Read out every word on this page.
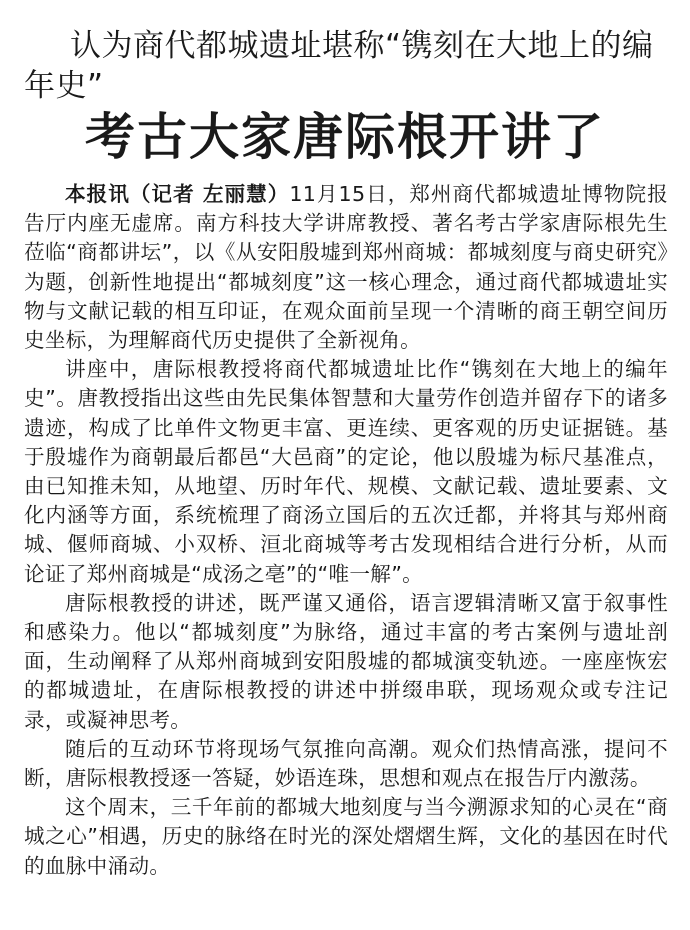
认为商代都城遗址堪称“镌刻在大地上的编年史”
考古大家唐际根开讲了

本报讯（记者 左丽慧）11月15日，郑州商代都城遗址博物院报告厅内座无虚席。南方科技大学讲席教授、著名考古学家唐际根先生莅临“商都讲坛”，以《从安阳殷墟到郑州商城：都城刻度与商史研究》为题，创新性地提出“都城刻度”这一核心理念，通过商代都城遗址实物与文献记载的相互印证，在观众面前呈现一个清晰的商王朝空间历史坐标，为理解商代历史提供了全新视角。

讲座中，唐际根教授将商代都城遗址比作“镌刻在大地上的编年史”。唐教授指出这些由先民集体智慧和大量劳作创造并留存下的诸多遗迹，构成了比单件文物更丰富、更连续、更客观的历史证据链。基于殷墟作为商朝最后都邑“大邑商”的定论，他以殷墟为标尺基准点，由已知推未知，从地望、历时年代、规模、文献记载、遗址要素、文化内涵等方面，系统梳理了商汤立国后的五次迁都，并将其与郑州商城、偃师商城、小双桥、洹北商城等考古发现相结合进行分析，从而论证了郑州商城是“成汤之亳”的“唯一解”。

唐际根教授的讲述，既严谨又通俗，语言逻辑清晰又富于叙事性和感染力。他以“都城刻度”为脉络，通过丰富的考古案例与遗址剖面，生动阐释了从郑州商城到安阳殷墟的都城演变轨迹。一座座恢宏的都城遗址，在唐际根教授的讲述中拼缀串联，现场观众或专注记录，或凝神思考。

随后的互动环节将现场气氛推向高潮。观众们热情高涨，提问不断，唐际根教授逐一答疑，妙语连珠，思想和观点在报告厅内激荡。

这个周末，三千年前的都城大地刻度与当今溯源求知的心灵在“商城之心”相遇，历史的脉络在时光的深处熠熠生辉，文化的基因在时代的血脉中涌动。
